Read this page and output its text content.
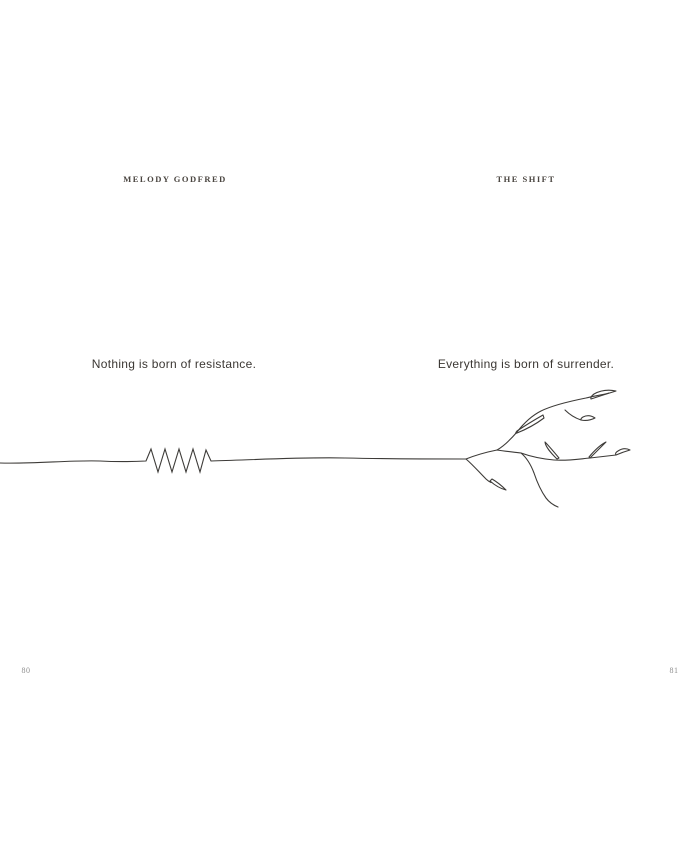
MELODY GODFRED
Nothing is born of resistance.
80
THE SHIFT
Everything is born of surrender.
81
